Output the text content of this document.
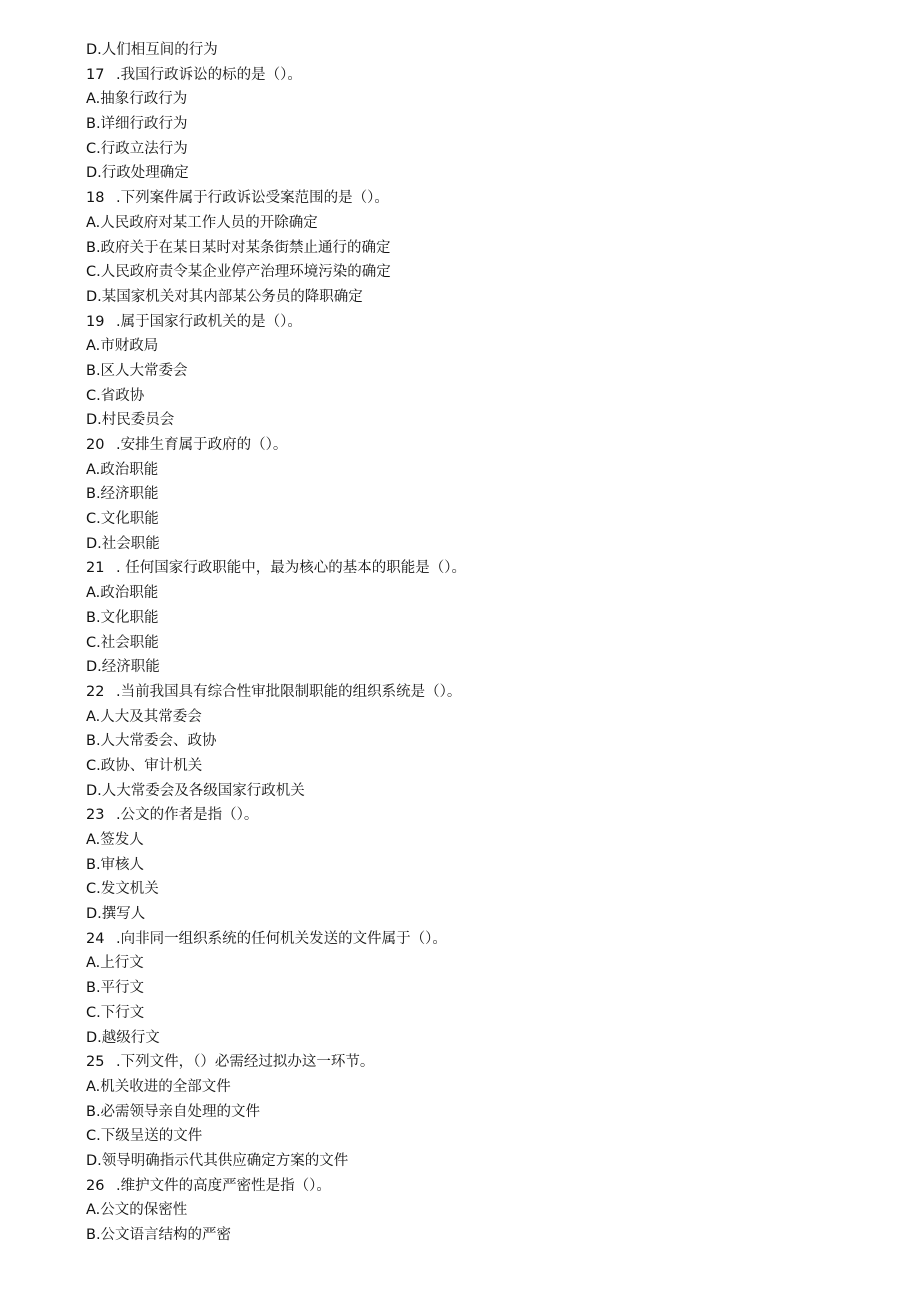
D.人们相互间的行为
17 .我国行政诉讼的标的是（）。
A.抽象行政行为
B.详细行政行为
C.行政立法行为
D.行政处理确定
18 .下列案件属于行政诉讼受案范围的是（）。
A.人民政府对某工作人员的开除确定
B.政府关于在某日某时对某条街禁止通行的确定
C.人民政府责令某企业停产治理环境污染的确定
D.某国家机关对其内部某公务员的降职确定
19 .属于国家行政机关的是（）。
A.市财政局
B.区人大常委会
C.省政协
D.村民委员会
20 .安排生育属于政府的（）。
A.政治职能
B.经济职能
C.文化职能
D.社会职能
21 . 任何国家行政职能中，最为核心的基本的职能是（）。
A.政治职能
B.文化职能
C.社会职能
D.经济职能
22 .当前我国具有综合性审批限制职能的组织系统是（）。
A.人大及其常委会
B.人大常委会、政协
C.政协、审计机关
D.人大常委会及各级国家行政机关
23 .公文的作者是指（）。
A.签发人
B.审核人
C.发文机关
D.撰写人
24 .向非同一组织系统的任何机关发送的文件属于（）。
A.上行文
B.平行文
C.下行文
D.越级行文
25 .下列文件，（）必需经过拟办这一环节。
A.机关收进的全部文件
B.必需领导亲自处理的文件
C.下级呈送的文件
D.领导明确指示代其供应确定方案的文件
26 .维护文件的高度严密性是指（）。
A.公文的保密性
B.公文语言结构的严密
